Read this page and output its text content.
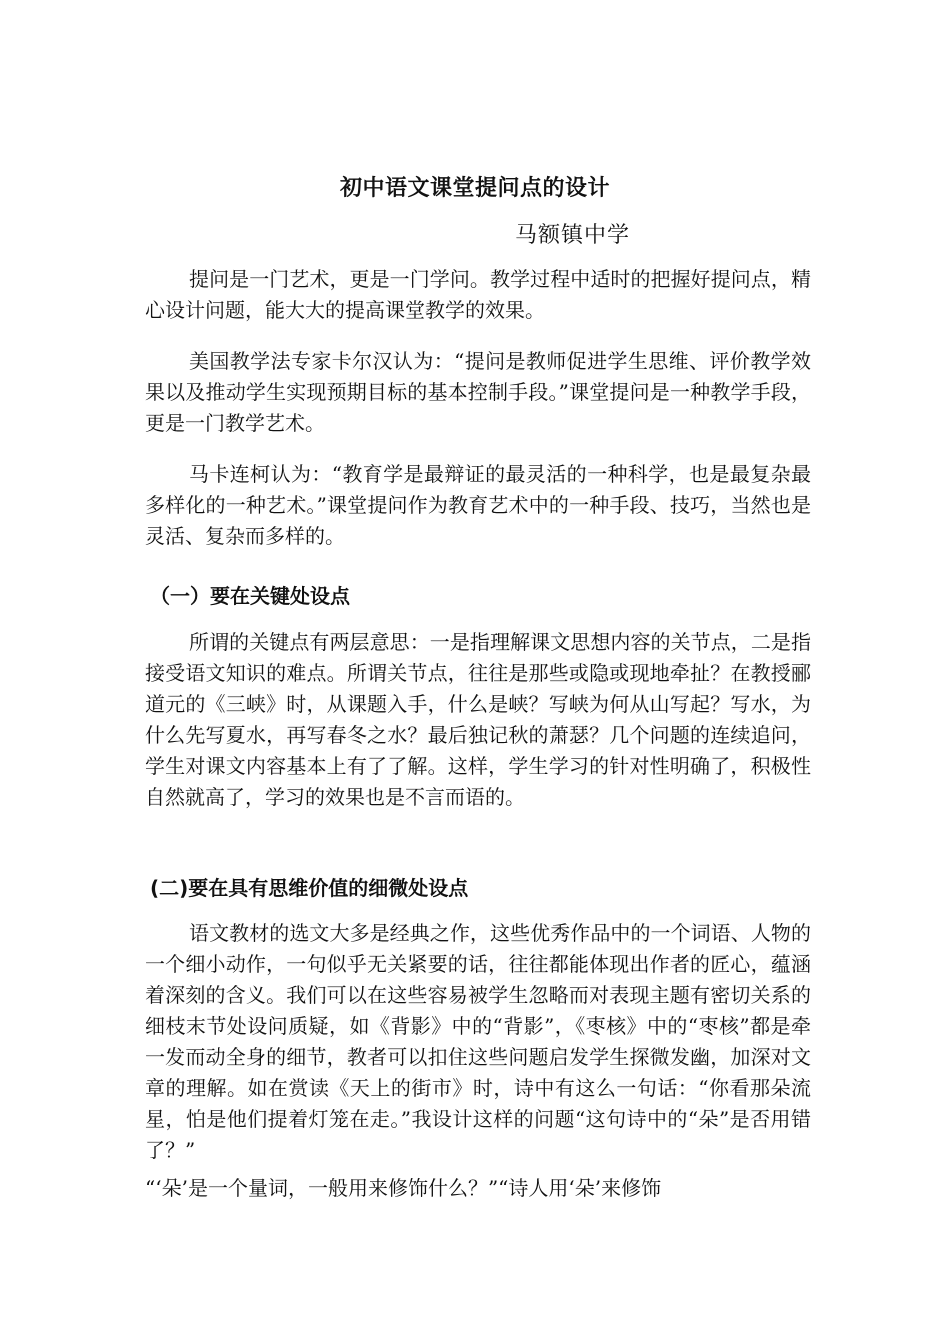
初中语文课堂提问点的设计
马额镇中学

提问是一门艺术，更是一门学问。教学过程中适时的把握好提问点，精心设计问题，能大大的提高课堂教学的效果。

美国教学法专家卡尔汉认为：“提问是教师促进学生思维、评价教学效果以及推动学生实现预期目标的基本控制手段。”课堂提问是一种教学手段，更是一门教学艺术。

马卡连柯认为：“教育学是最辩证的最灵活的一种科学，也是最复杂最多样化的一种艺术。”课堂提问作为教育艺术中的一种手段、技巧，当然也是灵活、复杂而多样的。

（一）要在关键处设点

所谓的关键点有两层意思：一是指理解课文思想内容的关节点，二是指接受语文知识的难点。所谓关节点，往往是那些或隐或现地牵扯？在教授郦道元的《三峡》时，从课题入手，什么是峡？写峡为何从山写起？写水，为什么先写夏水，再写春冬之水？最后独记秋的萧瑟？几个问题的连续追问，学生对课文内容基本上有了了解。这样，学生学习的针对性明确了，积极性自然就高了，学习的效果也是不言而语的。

(二)要在具有思维价值的细微处设点

语文教材的选文大多是经典之作，这些优秀作品中的一个词语、人物的一个细小动作，一句似乎无关紧要的话，往往都能体现出作者的匠心，蕴涵着深刻的含义。我们可以在这些容易被学生忽略而对表现主题有密切关系的细枝末节处设问质疑，如《背影》中的“背影”，《枣核》中的“枣核”都是牵一发而动全身的细节，教者可以扣住这些问题启发学生探微发幽，加深对文章的理解。如在赏读《天上的街市》时，诗中有这么一句话：“你看那朵流星，怕是他们提着灯笼在走。”我设计这样的问题“这句诗中的“朵”是否用错了？”

“‘朵’是一个量词，一般用来修饰什么？”“诗人用‘朵’来修饰
